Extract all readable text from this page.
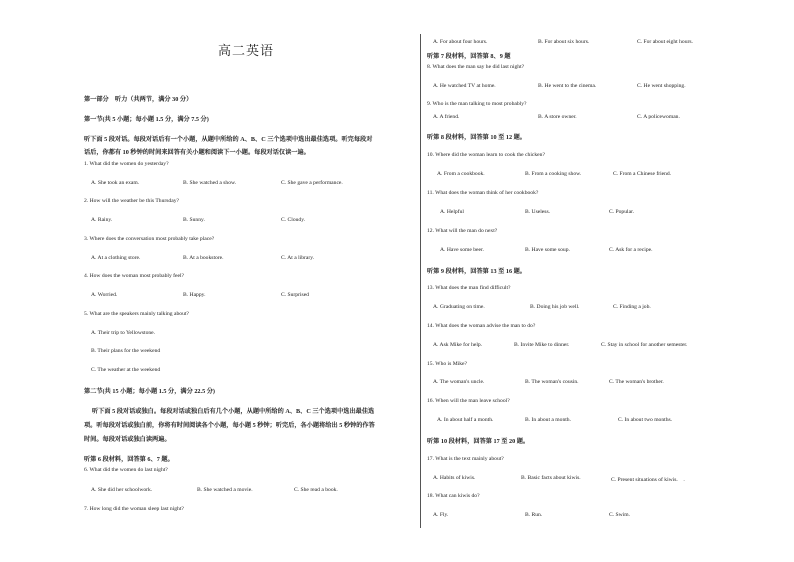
高二英语
第一部分　听力（共两节，满分 30 分）
第一节(共 5 小题；每小题 1.5 分，满分 7.5 分)
听下面 5 段对话。每段对话后有一个小题，从题中所给的 A、B、C 三个选项中选出最佳选项。听完每段对
话后，你都有 10 秒钟的时间来回答有关小题和阅读下一小题。每段对话仅读一遍。
1. What did the women do yesterday?
A. She took an exam.	B. She watched a show.	C. She gave a performance.
2. How will the weather be this Thursday?
A. Rainy.	B. Sunny.	C. Cloudy.
3. Where does the conversation most probably take place?
A. At a clothing store.	B. At a bookstore.	C. At a library.
4. How does the woman most probably feel?
A. Worried.	B. Happy.	C. Surprised
5. What are the speakers mainly talking about?
A. Their trip to Yellowstone.
B. Their plans for the weekend
C. The weather at the weekend
第二节(共 15 小题；每小题 1.5 分，满分 22.5 分)
听下面 5 段对话或独白。每段对话或独白后有几个小题，从题中所给的 A、B、C 三个选项中选出最佳选
项。听每段对话或独白前，你将有时间阅读各个小题，每小题 5 秒钟；听完后，各小题将给出 5 秒钟的作答
时间。每段对话或独白读两遍。
听第 6 段材料，回答第 6、7 题。
6. What did the women do last night?
A. She did her schoolwork.	B. She watched a movie.	C. She read a book.
7. How long did the woman sleep last night?
A. For about four hours.	B. For about six hours.	C. For about eight hours.
听第 7 段材料，回答第 8、9 题
8. What does the man say he did last night?
A. He watched TV at home.	B. He went to the cinema.	C. He went shopping.
9. Who is the man talking to most probably?
A. A friend.	B. A store owner.	C. A policewoman.
听第 8 段材料，回答第 10 至 12 题。
10. Where did the woman learn to cook the chicken?
A. From a cookbook.	B. From a cooking show.	C. From a Chinese friend.
11. What does the woman think of her cookbook?
A. Helpful	B. Useless.	C. Popular.
12. What will the man do next?
A. Have some beer.	B. Have some soup.	C. Ask for a recipe.
听第 9 段材料，回答第 13 至 16 题。
13. What does the man find difficult?
A. Graduating on time.	B. Doing his job well.	C. Finding a job.
14. What does the woman advise the man to do?
A. Ask Mike for help.	B. Invite Mike to dinner.	C. Stay in school for another semester.
15. Who is Mike?
A. The woman's uncle.	B. The woman's cousin.	C. The woman's brother.
16. When will the man leave school?
A. In about half a month.	B. In about a month.	C. In about two months.
听第 10 段材料，回答第 17 至 20 题。
17. What is the text mainly about?
A. Habits of kiwis.	B. Basic facts about kiwis.	C. Present situations of kiwis.　.
18. What can kiwis do?
A. Fly.	B. Run.	C. Swim.
